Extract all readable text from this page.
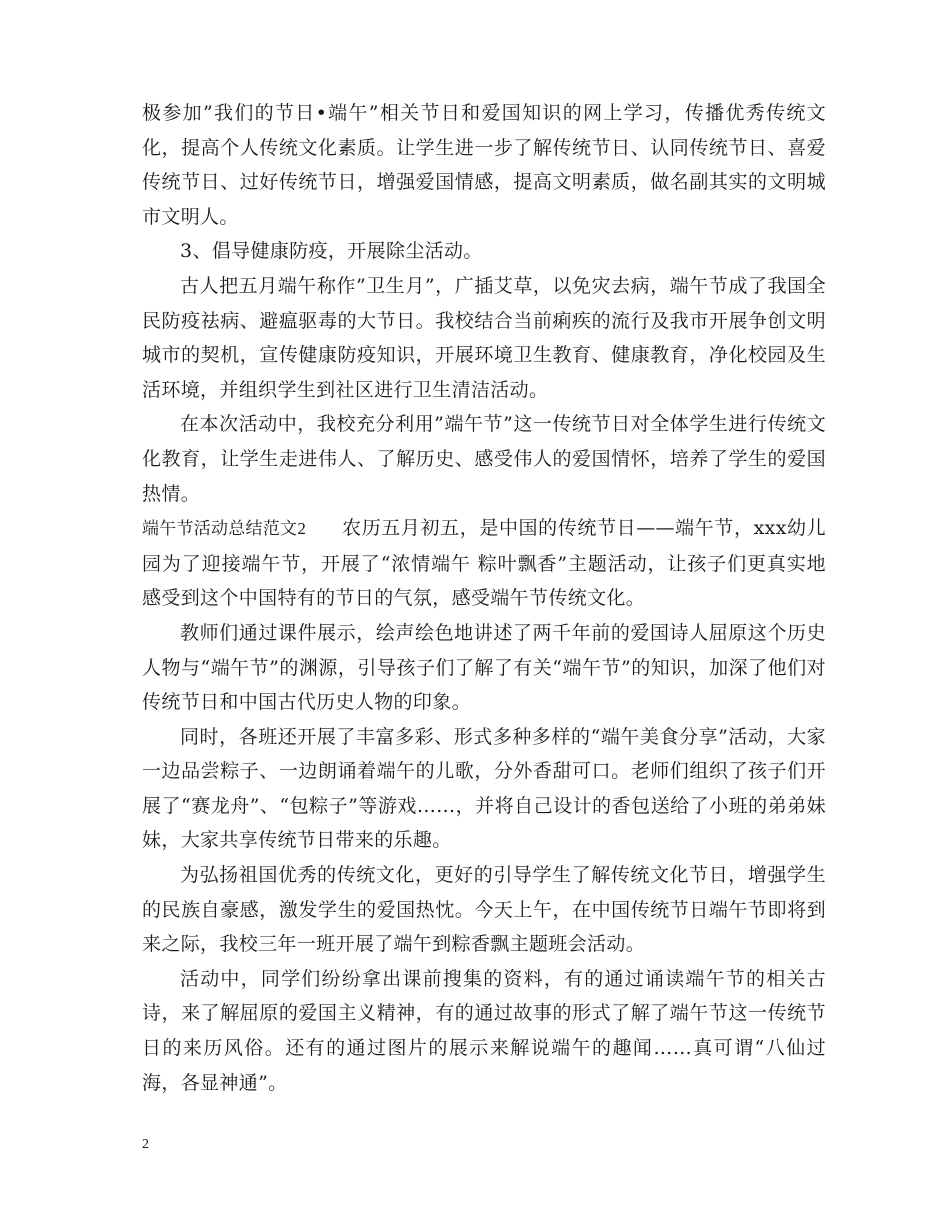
极参加”我们的节日•端午”相关节日和爱国知识的网上学习，传播优秀传统文化，提高个人传统文化素质。让学生进一步了解传统节日、认同传统节日、喜爱传统节日、过好传统节日，增强爱国情感，提高文明素质，做名副其实的文明城市文明人。

3、倡导健康防疫，开展除尘活动。

古人把五月端午称作”卫生月”，广插艾草，以免灾去病，端午节成了我国全民防疫祛病、避瘟驱毒的大节日。我校结合当前痢疾的流行及我市开展争创文明城市的契机，宣传健康防疫知识，开展环境卫生教育、健康教育，净化校园及生活环境，并组织学生到社区进行卫生清洁活动。

在本次活动中，我校充分利用”端午节”这一传统节日对全体学生进行传统文化教育，让学生走进伟人、了解历史、感受伟人的爱国情怀，培养了学生的爱国热情。

端午节活动总结范文2 农历五月初五，是中国的传统节日——端午节，xxx幼儿园为了迎接端午节，开展了“浓情端午 粽叶飘香”主题活动，让孩子们更真实地感受到这个中国特有的节日的气氛，感受端午节传统文化。

教师们通过课件展示，绘声绘色地讲述了两千年前的爱国诗人屈原这个历史人物与“端午节”的渊源，引导孩子们了解了有关“端午节”的知识，加深了他们对传统节日和中国古代历史人物的印象。

同时，各班还开展了丰富多彩、形式多种多样的“端午美食分享”活动，大家一边品尝粽子、一边朗诵着端午的儿歌，分外香甜可口。老师们组织了孩子们开展了“赛龙舟”、“包粽子”等游戏……，并将自己设计的香包送给了小班的弟弟妹妹，大家共享传统节日带来的乐趣。

为弘扬祖国优秀的传统文化，更好的引导学生了解传统文化节日，增强学生的民族自豪感，激发学生的爱国热忱。今天上午，在中国传统节日端午节即将到来之际，我校三年一班开展了端午到粽香飘主题班会活动。

活动中，同学们纷纷拿出课前搜集的资料，有的通过诵读端午节的相关古诗，来了解屈原的爱国主义精神，有的通过故事的形式了解了端午节这一传统节日的来历风俗。还有的通过图片的展示来解说端午的趣闻……真可谓“八仙过海，各显神通”。

2
